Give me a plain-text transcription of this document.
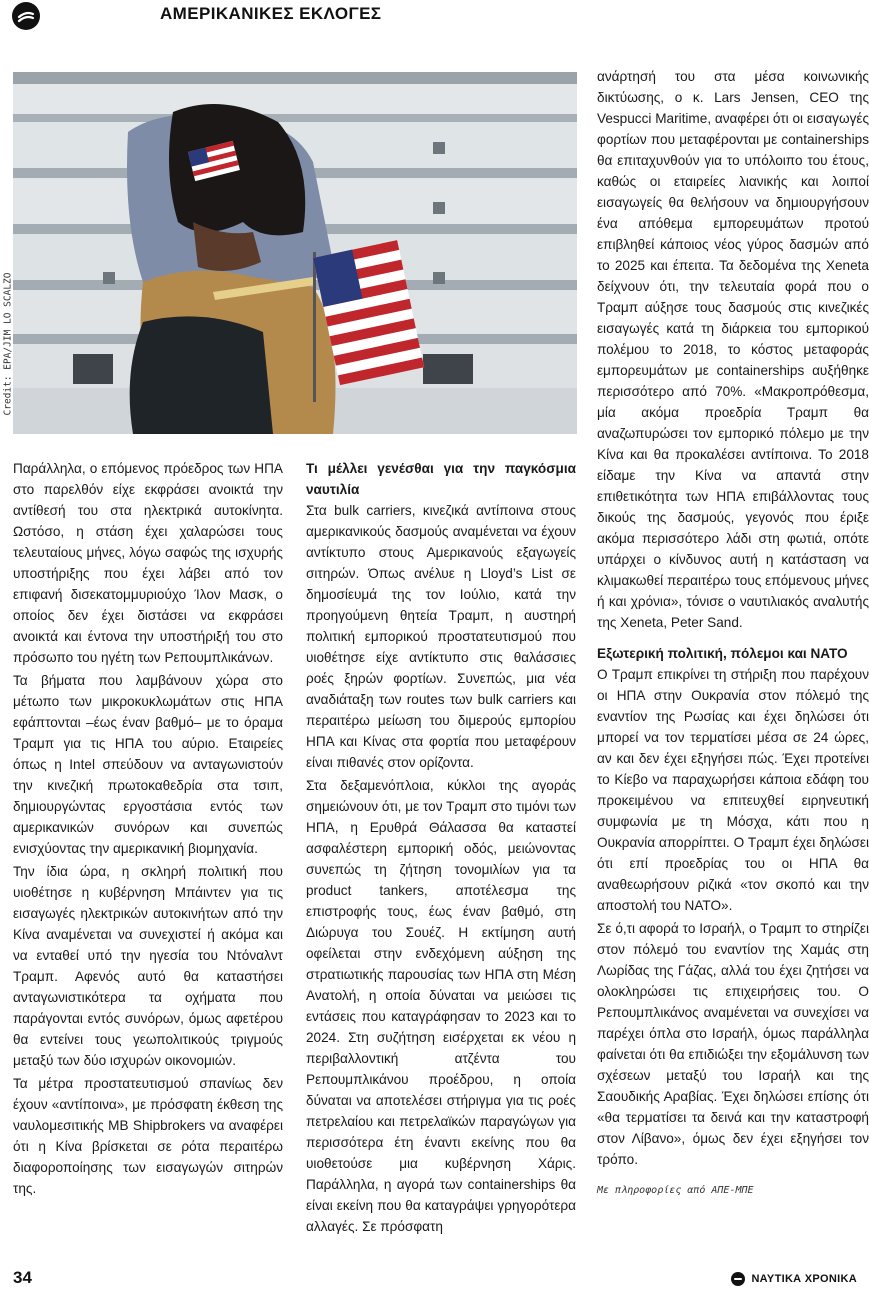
ΑΜΕΡΙΚΑΝΙΚΕΣ ΕΚΛΟΓΕΣ
Credit: EPA/JIM LO SCALZO

Παράλληλα, ο επόμενος πρόεδρος των ΗΠΑ στο παρελθόν είχε εκφράσει ανοικτά την αντίθεσή του στα ηλεκτρικά αυτοκίνητα. Ωστόσο, η στάση έχει χαλαρώσει τους τελευταίους μήνες, λόγω σαφώς της ισχυρής υποστήριξης που έχει λάβει από τον επιφανή δισεκατομμυριούχο Ίλον Μασκ, ο οποίος δεν έχει διστάσει να εκφράσει ανοικτά και έντονα την υποστήριξή του στο πρόσωπο του ηγέτη των Ρεπουμπλικάνων.

Τα βήματα που λαμβάνουν χώρα στο μέτωπο των μικροκυκλωμάτων στις ΗΠΑ εφάπτονται –έως έναν βαθμό– με το όραμα Τραμπ για τις ΗΠΑ του αύριο. Εταιρείες όπως η Intel σπεύδουν να ανταγωνιστούν την κινεζική πρωτοκαθεδρία στα τσιπ, δημιουργώντας εργοστάσια εντός των αμερικανικών συνόρων και συνεπώς ενισχύοντας την αμερικανική βιομηχανία.

Την ίδια ώρα, η σκληρή πολιτική που υιοθέτησε η κυβέρνηση Μπάιντεν για τις εισαγωγές ηλεκτρικών αυτοκινήτων από την Κίνα αναμένεται να συνεχιστεί ή ακόμα και να ενταθεί υπό την ηγεσία του Ντόναλντ Τραμπ. Αφενός αυτό θα καταστήσει ανταγωνιστικότερα τα οχήματα που παράγονται εντός συνόρων, όμως αφετέρου θα εντείνει τους γεωπολιτικούς τριγμούς μεταξύ των δύο ισχυρών οικονομιών.

Τα μέτρα προστατευτισμού σπανίως δεν έχουν «αντίποινα», με πρόσφατη έκθεση της ναυλομεσιτικής MB Shipbrokers να αναφέρει ότι η Κίνα βρίσκεται σε ρότα περαιτέρω διαφοροποίησης των εισαγωγών σιτηρών της.

Τι μέλλει γενέσθαι για την παγκόσμια ναυτιλία

Στα bulk carriers, κινεζικά αντίποινα στους αμερικανικούς δασμούς αναμένεται να έχουν αντίκτυπο στους Αμερικανούς εξαγωγείς σιτηρών. Όπως ανέλυε η Lloyd’s List σε δημοσίευμά της τον Ιούλιο, κατά την προηγούμενη θητεία Τραμπ, η αυστηρή πολιτική εμπορικού προστατευτισμού που υιοθέτησε είχε αντίκτυπο στις θαλάσσιες ροές ξηρών φορτίων. Συνεπώς, μια νέα αναδιάταξη των routes των bulk carriers και περαιτέρω μείωση του διμερούς εμπορίου ΗΠΑ και Κίνας στα φορτία που μεταφέρουν είναι πιθανές στον ορίζοντα.

Στα δεξαμενόπλοια, κύκλοι της αγοράς σημειώνουν ότι, με τον Τραμπ στο τιμόνι των ΗΠΑ, η Ερυθρά Θάλασσα θα καταστεί ασφαλέστερη εμπορική οδός, μειώνοντας συνεπώς τη ζήτηση τονομιλίων για τα product tankers, αποτέλεσμα της επιστροφής τους, έως έναν βαθμό, στη Διώρυγα του Σουέζ. Η εκτίμηση αυτή οφείλεται στην ενδεχόμενη αύξηση της στρατιωτικής παρουσίας των ΗΠΑ στη Μέση Ανατολή, η οποία δύναται να μειώσει τις εντάσεις που καταγράφησαν το 2023 και το 2024. Στη συζήτηση εισέρχεται εκ νέου η περιβαλλοντική ατζέντα του Ρεπουμπλικάνου προέδρου, η οποία δύναται να αποτελέσει στήριγμα για τις ροές πετρελαίου και πετρελαϊκών παραγώγων για περισσότερα έτη έναντι εκείνης που θα υιοθετούσε μια κυβέρνηση Χάρις. Παράλληλα, η αγορά των containerships θα είναι εκείνη που θα καταγράψει γρηγορότερα αλλαγές. Σε πρόσφατη

ανάρτησή του στα μέσα κοινωνικής δικτύωσης, ο κ. Lars Jensen, CEO της Vespucci Maritime, αναφέρει ότι οι εισαγωγές φορτίων που μεταφέρονται με containerships θα επιταχυνθούν για το υπόλοιπο του έτους, καθώς οι εταιρείες λιανικής και λοιποί εισαγωγείς θα θελήσουν να δημιουργήσουν ένα απόθεμα εμπορευμάτων προτού επιβληθεί κάποιος νέος γύρος δασμών από το 2025 και έπειτα. Τα δεδομένα της Xeneta δείχνουν ότι, την τελευταία φορά που ο Τραμπ αύξησε τους δασμούς στις κινεζικές εισαγωγές κατά τη διάρκεια του εμπορικού πολέμου το 2018, το κόστος μεταφοράς εμπορευμάτων με containerships αυξήθηκε περισσότερο από 70%. «Μακροπρόθεσμα, μία ακόμα προεδρία Τραμπ θα αναζωπυρώσει τον εμπορικό πόλεμο με την Κίνα και θα προκαλέσει αντίποινα. Το 2018 είδαμε την Κίνα να απαντά στην επιθετικότητα των ΗΠΑ επιβάλλοντας τους δικούς της δασμούς, γεγονός που έριξε ακόμα περισσότερο λάδι στη φωτιά, οπότε υπάρχει ο κίνδυνος αυτή η κατάσταση να κλιμακωθεί περαιτέρω τους επόμενους μήνες ή και χρόνια», τόνισε ο ναυτιλιακός αναλυτής της Xeneta, Peter Sand.

Εξωτερική πολιτική, πόλεμοι και ΝΑΤΟ

Ο Τραμπ επικρίνει τη στήριξη που παρέχουν οι ΗΠΑ στην Ουκρανία στον πόλεμό της εναντίον της Ρωσίας και έχει δηλώσει ότι μπορεί να τον τερματίσει μέσα σε 24 ώρες, αν και δεν έχει εξηγήσει πώς. Έχει προτείνει το Κίεβο να παραχωρήσει κάποια εδάφη του προκειμένου να επιτευχθεί ειρηνευτική συμφωνία με τη Μόσχα, κάτι που η Ουκρανία απορρίπτει. Ο Τραμπ έχει δηλώσει ότι επί προεδρίας του οι ΗΠΑ θα αναθεωρήσουν ριζικά «τον σκοπό και την αποστολή του ΝΑΤΟ».

Σε ό,τι αφορά το Ισραήλ, ο Τραμπ το στηρίζει στον πόλεμό του εναντίον της Χαμάς στη Λωρίδας της Γάζας, αλλά του έχει ζητήσει να ολοκληρώσει τις επιχειρήσεις του. Ο Ρεπουμπλικάνος αναμένεται να συνεχίσει να παρέχει όπλα στο Ισραήλ, όμως παράλληλα φαίνεται ότι θα επιδιώξει την εξομάλυνση των σχέσεων μεταξύ του Ισραήλ και της Σαουδικής Αραβίας. Έχει δηλώσει επίσης ότι «θα τερματίσει τα δεινά και την καταστροφή στον Λίβανο», όμως δεν έχει εξηγήσει τον τρόπο.

Με πληροφορίες από ΑΠΕ-ΜΠΕ

34	ΝΑΥΤΙΚΑ ΧΡΟΝΙΚΑ
